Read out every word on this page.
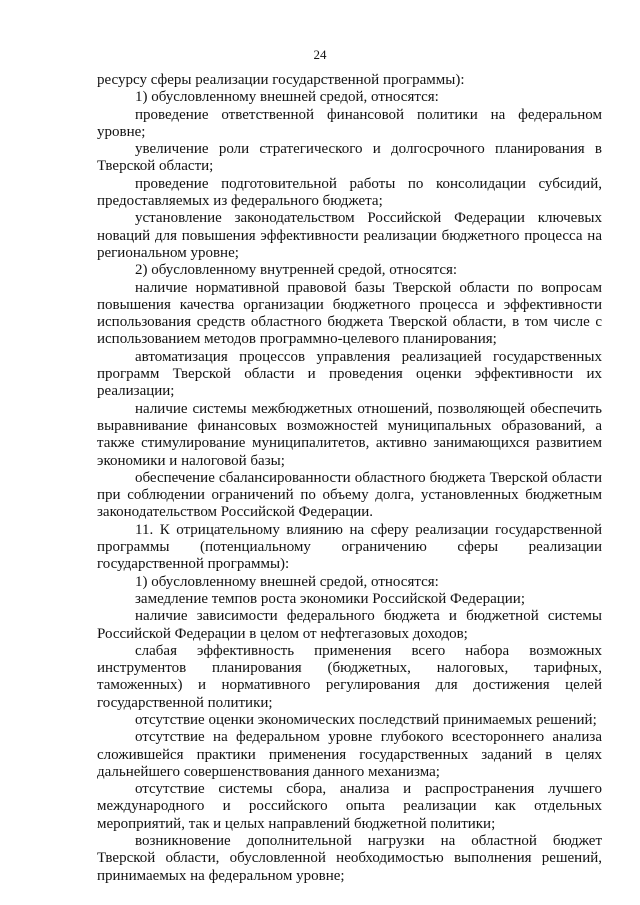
24

ресурсу сферы реализации государственной программы):

1) обусловленному внешней средой, относятся:

проведение ответственной финансовой политики на федеральном уровне;

увеличение роли стратегического и долгосрочного планирования в Тверской области;

проведение подготовительной работы по консолидации субсидий, предоставляемых из федерального бюджета;

установление законодательством Российской Федерации ключевых новаций для повышения эффективности реализации бюджетного процесса на региональном уровне;

2) обусловленному внутренней средой, относятся:

наличие нормативной правовой базы Тверской области по вопросам повышения качества организации бюджетного процесса и эффективности использования средств областного бюджета Тверской области, в том числе с использованием методов программно-целевого планирования;

автоматизация процессов управления реализацией государственных программ Тверской области и проведения оценки эффективности их реализации;

наличие системы межбюджетных отношений, позволяющей обеспечить выравнивание финансовых возможностей муниципальных образований, а также стимулирование муниципалитетов, активно занимающихся развитием экономики и налоговой базы;

обеспечение сбалансированности областного бюджета Тверской области при соблюдении ограничений по объему долга, установленных бюджетным законодательством Российской Федерации.

11. К отрицательному влиянию на сферу реализации государственной программы (потенциальному ограничению сферы реализации государственной программы):

1) обусловленному внешней средой, относятся:

замедление темпов роста экономики Российской Федерации;

наличие зависимости федерального бюджета и бюджетной системы Российской Федерации в целом от нефтегазовых доходов;

слабая эффективность применения всего набора возможных инструментов планирования (бюджетных, налоговых, тарифных, таможенных) и нормативного регулирования для достижения целей государственной политики;

отсутствие оценки экономических последствий принимаемых решений;

отсутствие на федеральном уровне глубокого всестороннего анализа сложившейся практики применения государственных заданий в целях дальнейшего совершенствования данного механизма;

отсутствие системы сбора, анализа и распространения лучшего международного и российского опыта реализации как отдельных мероприятий, так и целых направлений бюджетной политики;

возникновение дополнительной нагрузки на областной бюджет Тверской области, обусловленной необходимостью выполнения решений, принимаемых на федеральном уровне;
